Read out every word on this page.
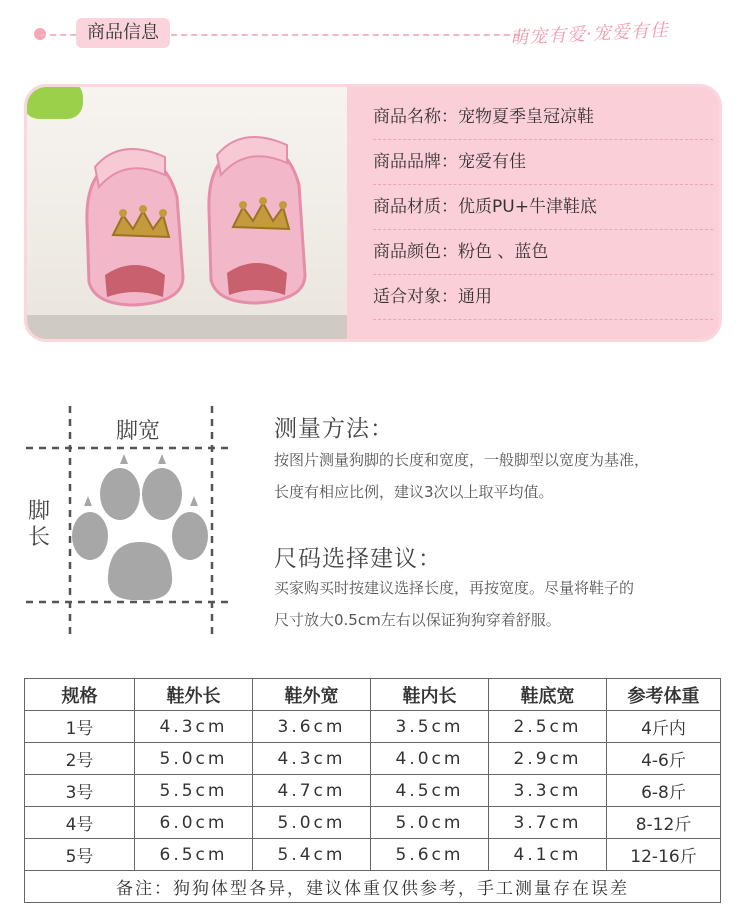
商品信息	萌宠有爱·宠爱有佳
商品名称：宠物夏季皇冠凉鞋
商品品牌：宠爱有佳
商品材质：优质PU+牛津鞋底
商品颜色：粉色 、蓝色
适合对象：通用
脚宽
脚
长
测量方法：
按图片测量狗脚的长度和宽度，一般脚型以宽度为基准，
长度有相应比例，建议3次以上取平均值。
尺码选择建议：
买家购买时按建议选择长度，再按宽度。尽量将鞋子的
尺寸放大0.5cm左右以保证狗狗穿着舒服。
规格	鞋外长	鞋外宽	鞋内长	鞋底宽	参考体重
1号	4.3cm	3.6cm	3.5cm	2.5cm	4斤内
2号	5.0cm	4.3cm	4.0cm	2.9cm	4-6斤
3号	5.5cm	4.7cm	4.5cm	3.3cm	6-8斤
4号	6.0cm	5.0cm	5.0cm	3.7cm	8-12斤
5号	6.5cm	5.4cm	5.6cm	4.1cm	12-16斤
备注：狗狗体型各异，建议体重仅供参考，手工测量存在误差					
